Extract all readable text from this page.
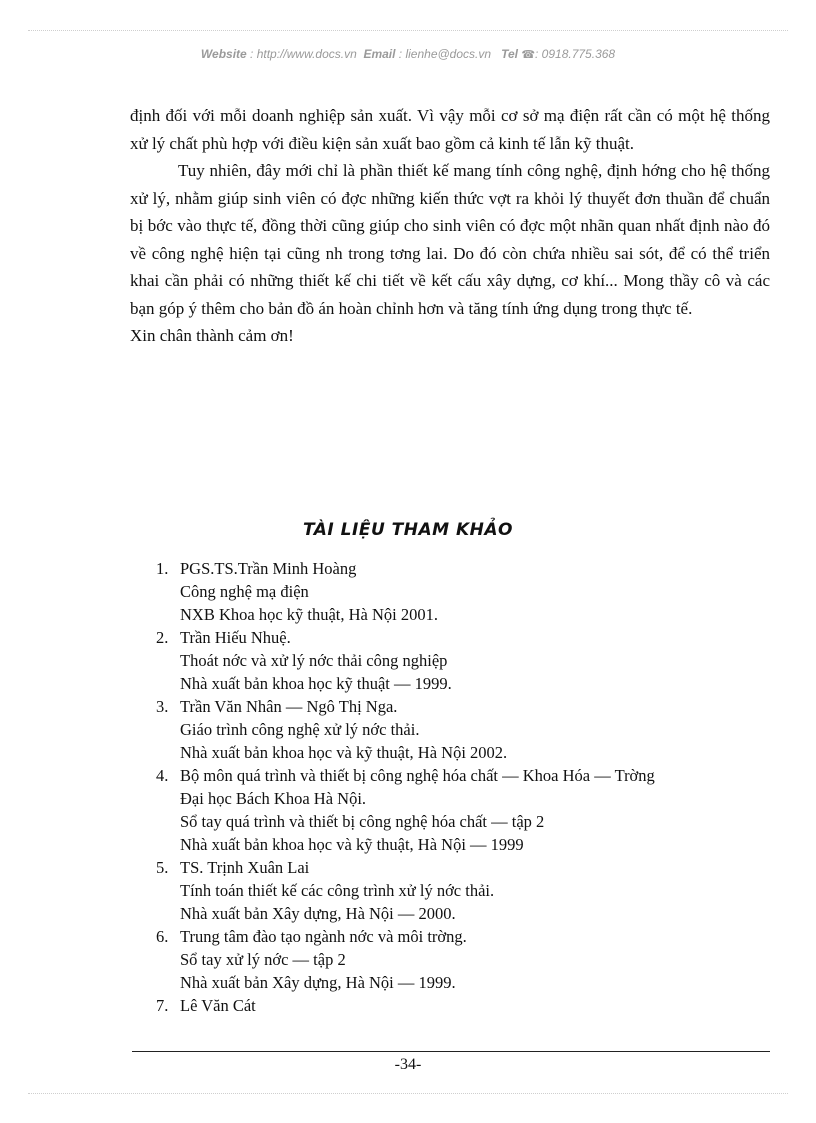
Website : http://www.docs.vn Email : lienhe@docs.vn Tel ☎: 0918.775.368

định đối với mỗi doanh nghiệp sản xuất. Vì vậy mỗi cơ sở mạ điện rất cần có một hệ thống xử lý chất phù hợp với điều kiện sản xuất bao gồm cả kinh tế lẫn kỹ thuật.

Tuy nhiên, đây mới chỉ là phần thiết kế mang tính công nghệ, định hớng cho hệ thống xử lý, nhằm giúp sinh viên có đợc những kiến thức vợt ra khỏi lý thuyết đơn thuần để chuẩn bị bớc vào thực tế, đồng thời cũng giúp cho sinh viên có đợc một nhãn quan nhất định nào đó về công nghệ hiện tại cũng nh trong tơng lai. Do đó còn chứa nhiều sai sót, để có thể triển khai cần phải có những thiết kế chi tiết về kết cấu xây dựng, cơ khí... Mong thầy cô và các bạn góp ý thêm cho bản đồ án hoàn chỉnh hơn và tăng tính ứng dụng trong thực tế.

Xin chân thành cảm ơn!

TÀI LIỆU THAM KHẢO
1. PGS.TS.Trần Minh Hoàng
Công nghệ mạ điện
NXB Khoa học kỹ thuật, Hà Nội 2001.
2. Trần Hiếu Nhuệ.
Thoát nớc và xử lý nớc thải công nghiệp
Nhà xuất bản khoa học kỹ thuật — 1999.
3. Trần Văn Nhân — Ngô Thị Nga.
Giáo trình công nghệ xử lý nớc thải.
Nhà xuất bản khoa học và kỹ thuật, Hà Nội 2002.
4. Bộ môn quá trình và thiết bị công nghệ hóa chất — Khoa Hóa — Trờng
Đại học Bách Khoa Hà Nội.
Sổ tay quá trình và thiết bị công nghệ hóa chất — tập 2
Nhà xuất bản khoa học và kỹ thuật, Hà Nội — 1999
5. TS. Trịnh Xuân Lai
Tính toán thiết kế các công trình xử lý nớc thải.
Nhà xuất bản Xây dựng, Hà Nội — 2000.
6. Trung tâm đào tạo ngành nớc và môi trờng.
Sổ tay xử lý nớc — tập 2
Nhà xuất bản Xây dựng, Hà Nội — 1999.
7. Lê Văn Cát
-34-
